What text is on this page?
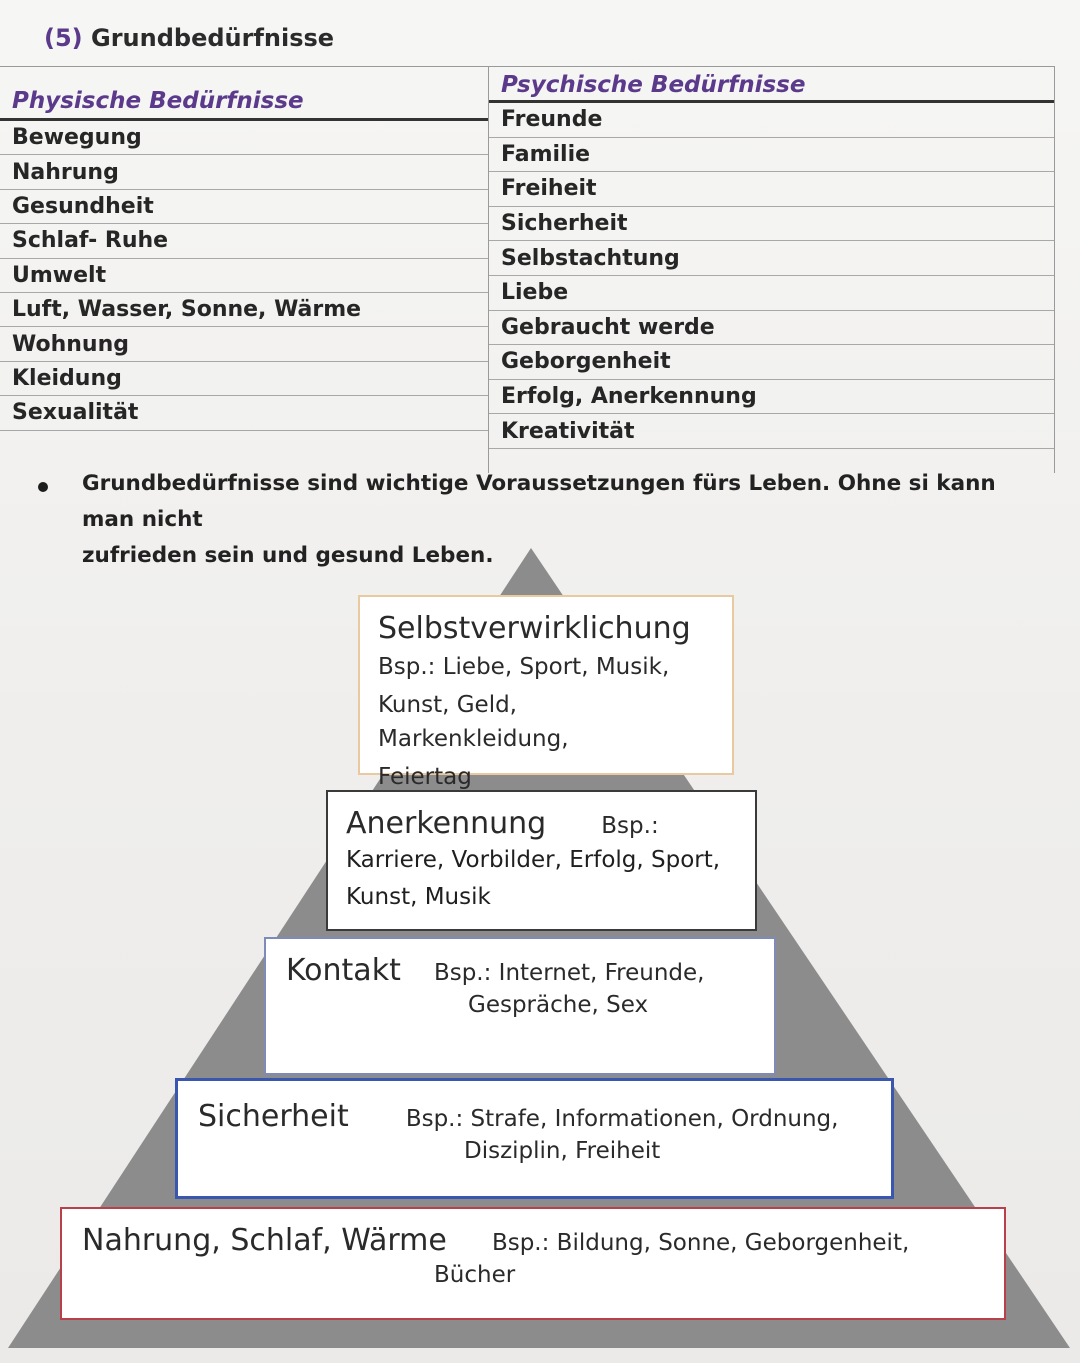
(5) Grundbedürfnisse
Physische Bedürfnisse
Bewegung
Nahrung
Gesundheit
Schlaf- Ruhe
Umwelt
Luft, Wasser, Sonne, Wärme
Wohnung
Kleidung
Sexualität
Psychische Bedürfnisse
Freunde
Familie
Freiheit
Sicherheit
Selbstachtung
Liebe
Gebraucht werde
Geborgenheit
Erfolg, Anerkennung
Kreativität
Grundbedürfnisse sind wichtige Voraussetzungen fürs Leben. Ohne si kann man nicht
zufrieden sein und gesund Leben.
Selbstverwirklichung
Bsp.: Liebe, Sport, Musik,
Kunst, Geld, Markenkleidung,
Feiertag
Anerkennung Bsp.:
Karriere, Vorbilder, Erfolg, Sport,
Kunst, Musik
Kontakt Bsp.: Internet, Freunde,
Gespräche, Sex
Sicherheit Bsp.: Strafe, Informationen, Ordnung,
Disziplin, Freiheit
Nahrung, Schlaf, Wärme Bsp.: Bildung, Sonne, Geborgenheit,
Bücher
